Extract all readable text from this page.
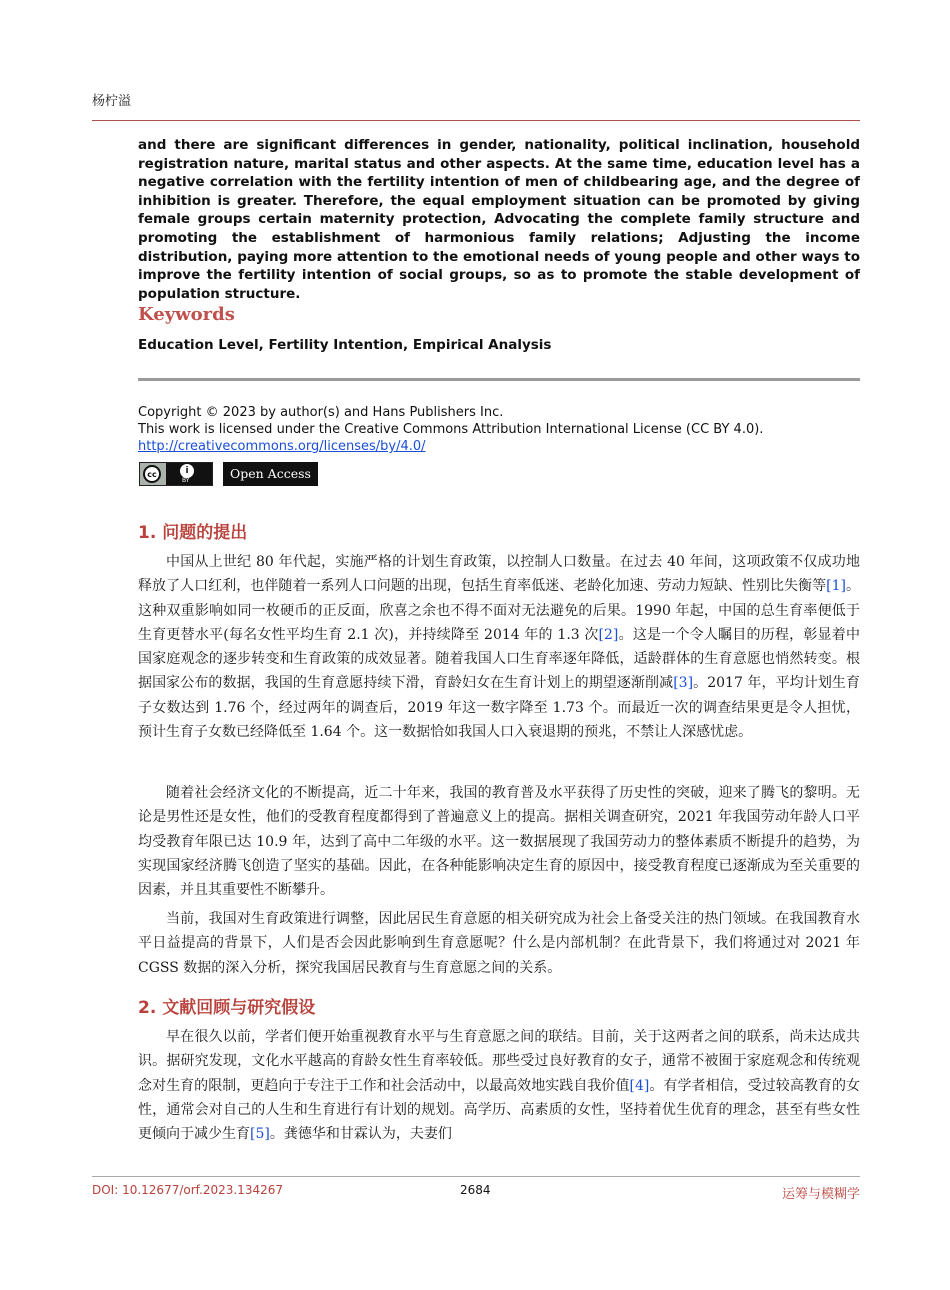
杨柠溢

and there are significant differences in gender, nationality, political inclination, household registration nature, marital status and other aspects. At the same time, education level has a negative correlation with the fertility intention of men of childbearing age, and the degree of inhibition is greater. Therefore, the equal employment situation can be promoted by giving female groups certain maternity protection, Advocating the complete family structure and promoting the establishment of harmonious family relations; Adjusting the income distribution, paying more attention to the emotional needs of young people and other ways to improve the fertility intention of social groups, so as to promote the stable development of population structure.

Keywords

Education Level, Fertility Intention, Empirical Analysis

Copyright © 2023 by author(s) and Hans Publishers Inc.
This work is licensed under the Creative Commons Attribution International License (CC BY 4.0).
http://creativecommons.org/licenses/by/4.0/
cc	i
BY	Open Access
1. 问题的提出

中国从上世纪 80 年代起，实施严格的计划生育政策，以控制人口数量。在过去 40 年间，这项政策不仅成功地释放了人口红利，也伴随着一系列人口问题的出现，包括生育率低迷、老龄化加速、劳动力短缺、性别比失衡等[1]。这种双重影响如同一枚硬币的正反面，欣喜之余也不得不面对无法避免的后果。1990 年起，中国的总生育率便低于生育更替水平(每名女性平均生育 2.1 次)，并持续降至 2014 年的 1.3 次[2]。这是一个令人瞩目的历程，彰显着中国家庭观念的逐步转变和生育政策的成效显著。随着我国人口生育率逐年降低，适龄群体的生育意愿也悄然转变。根据国家公布的数据，我国的生育意愿持续下滑，育龄妇女在生育计划上的期望逐渐削减[3]。2017 年，平均计划生育子女数达到 1.76 个，经过两年的调查后，2019 年这一数字降至 1.73 个。而最近一次的调查结果更是令人担忧，预计生育子女数已经降低至 1.64 个。这一数据恰如我国人口入衰退期的预兆，不禁让人深感忧虑。

随着社会经济文化的不断提高，近二十年来，我国的教育普及水平获得了历史性的突破，迎来了腾飞的黎明。无论是男性还是女性，他们的受教育程度都得到了普遍意义上的提高。据相关调查研究，2021 年我国劳动年龄人口平均受教育年限已达 10.9 年，达到了高中二年级的水平。这一数据展现了我国劳动力的整体素质不断提升的趋势，为实现国家经济腾飞创造了坚实的基础。因此，在各种能影响决定生育的原因中，接受教育程度已逐渐成为至关重要的因素，并且其重要性不断攀升。

当前，我国对生育政策进行调整，因此居民生育意愿的相关研究成为社会上备受关注的热门领域。在我国教育水平日益提高的背景下，人们是否会因此影响到生育意愿呢？什么是内部机制？在此背景下，我们将通过对 2021 年 CGSS 数据的深入分析，探究我国居民教育与生育意愿之间的关系。

2. 文献回顾与研究假设

早在很久以前，学者们便开始重视教育水平与生育意愿之间的联结。目前，关于这两者之间的联系，尚未达成共识。据研究发现，文化水平越高的育龄女性生育率较低。那些受过良好教育的女子，通常不被囿于家庭观念和传统观念对生育的限制，更趋向于专注于工作和社会活动中，以最高效地实践自我价值[4]。有学者相信，受过较高教育的女性，通常会对自己的人生和生育进行有计划的规划。高学历、高素质的女性，坚持着优生优育的理念，甚至有些女性更倾向于减少生育[5]。龚德华和甘霖认为，夫妻们

DOI: 10.12677/orf.2023.134267	2684	运筹与模糊学
